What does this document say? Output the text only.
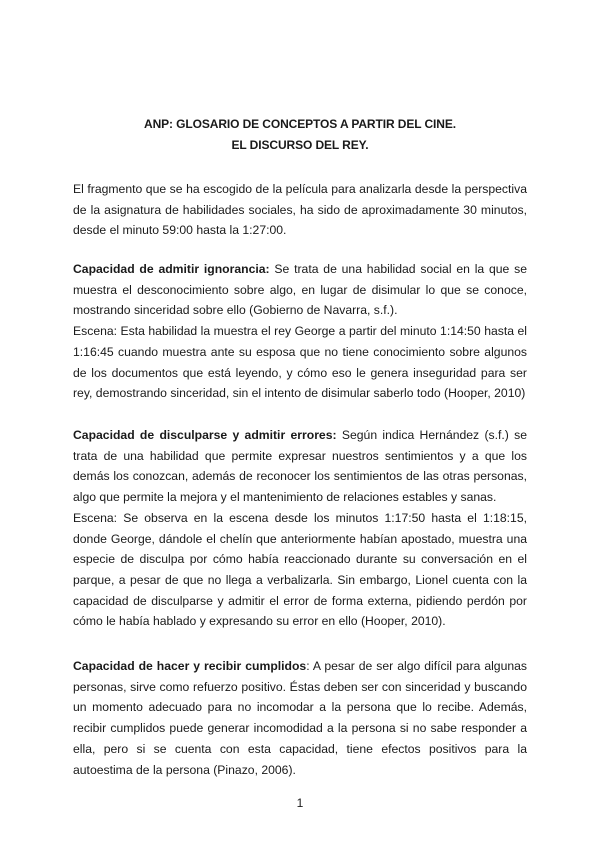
ANP: GLOSARIO DE CONCEPTOS A PARTIR DEL CINE.
EL DISCURSO DEL REY.

El fragmento que se ha escogido de la película para analizarla desde la perspectiva de la asignatura de habilidades sociales, ha sido de aproximadamente 30 minutos, desde el minuto 59:00 hasta la 1:27:00.

Capacidad de admitir ignorancia: Se trata de una habilidad social en la que se muestra el desconocimiento sobre algo, en lugar de disimular lo que se conoce, mostrando sinceridad sobre ello (Gobierno de Navarra, s.f.).

Escena: Esta habilidad la muestra el rey George a partir del minuto 1:14:50 hasta el 1:16:45 cuando muestra ante su esposa que no tiene conocimiento sobre algunos de los documentos que está leyendo, y cómo eso le genera inseguridad para ser rey, demostrando sinceridad, sin el intento de disimular saberlo todo (Hooper, 2010)

Capacidad de disculparse y admitir errores: Según indica Hernández (s.f.) se trata de una habilidad que permite expresar nuestros sentimientos y a que los demás los conozcan, además de reconocer los sentimientos de las otras personas, algo que permite la mejora y el mantenimiento de relaciones estables y sanas.

Escena: Se observa en la escena desde los minutos 1:17:50 hasta el 1:18:15, donde George, dándole el chelín que anteriormente habían apostado, muestra una especie de disculpa por cómo había reaccionado durante su conversación en el parque, a pesar de que no llega a verbalizarla. Sin embargo, Lionel cuenta con la capacidad de disculparse y admitir el error de forma externa, pidiendo perdón por cómo le había hablado y expresando su error en ello (Hooper, 2010).

Capacidad de hacer y recibir cumplidos: A pesar de ser algo difícil para algunas personas, sirve como refuerzo positivo. Éstas deben ser con sinceridad y buscando un momento adecuado para no incomodar a la persona que lo recibe. Además, recibir cumplidos puede generar incomodidad a la persona si no sabe responder a ella, pero si se cuenta con esta capacidad, tiene efectos positivos para la autoestima de la persona (Pinazo, 2006).

1
